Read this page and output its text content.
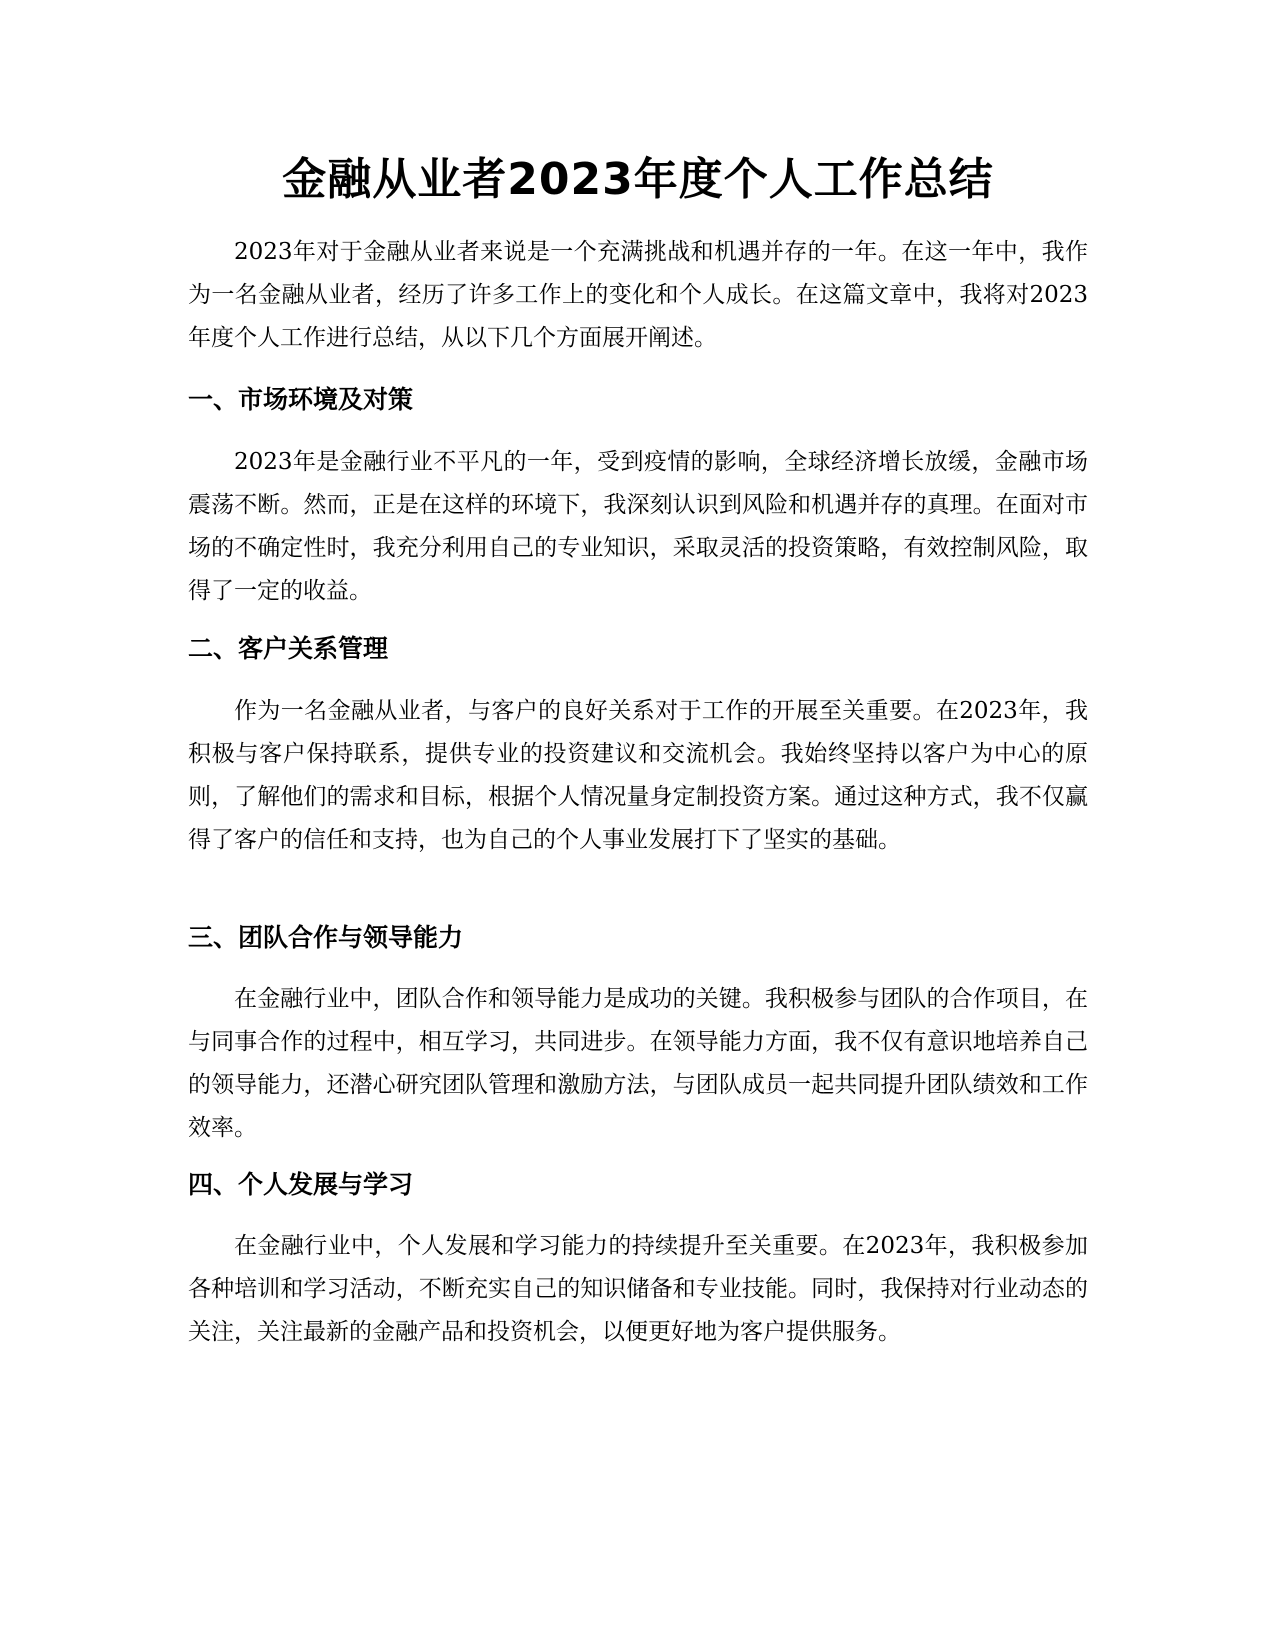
金融从业者2023年度个人工作总结

2023年对于金融从业者来说是一个充满挑战和机遇并存的一年。在这一年中，我作为一名金融从业者，经历了许多工作上的变化和个人成长。在这篇文章中，我将对2023年度个人工作进行总结，从以下几个方面展开阐述。

一、市场环境及对策

2023年是金融行业不平凡的一年，受到疫情的影响，全球经济增长放缓，金融市场震荡不断。然而，正是在这样的环境下，我深刻认识到风险和机遇并存的真理。在面对市场的不确定性时，我充分利用自己的专业知识，采取灵活的投资策略，有效控制风险，取得了一定的收益。

二、客户关系管理

作为一名金融从业者，与客户的良好关系对于工作的开展至关重要。在2023年，我积极与客户保持联系，提供专业的投资建议和交流机会。我始终坚持以客户为中心的原则，了解他们的需求和目标，根据个人情况量身定制投资方案。通过这种方式，我不仅赢得了客户的信任和支持，也为自己的个人事业发展打下了坚实的基础。

三、团队合作与领导能力

在金融行业中，团队合作和领导能力是成功的关键。我积极参与团队的合作项目，在与同事合作的过程中，相互学习，共同进步。在领导能力方面，我不仅有意识地培养自己的领导能力，还潜心研究团队管理和激励方法，与团队成员一起共同提升团队绩效和工作效率。

四、个人发展与学习

在金融行业中，个人发展和学习能力的持续提升至关重要。在2023年，我积极参加各种培训和学习活动，不断充实自己的知识储备和专业技能。同时，我保持对行业动态的关注，关注最新的金融产品和投资机会，以便更好地为客户提供服务。
